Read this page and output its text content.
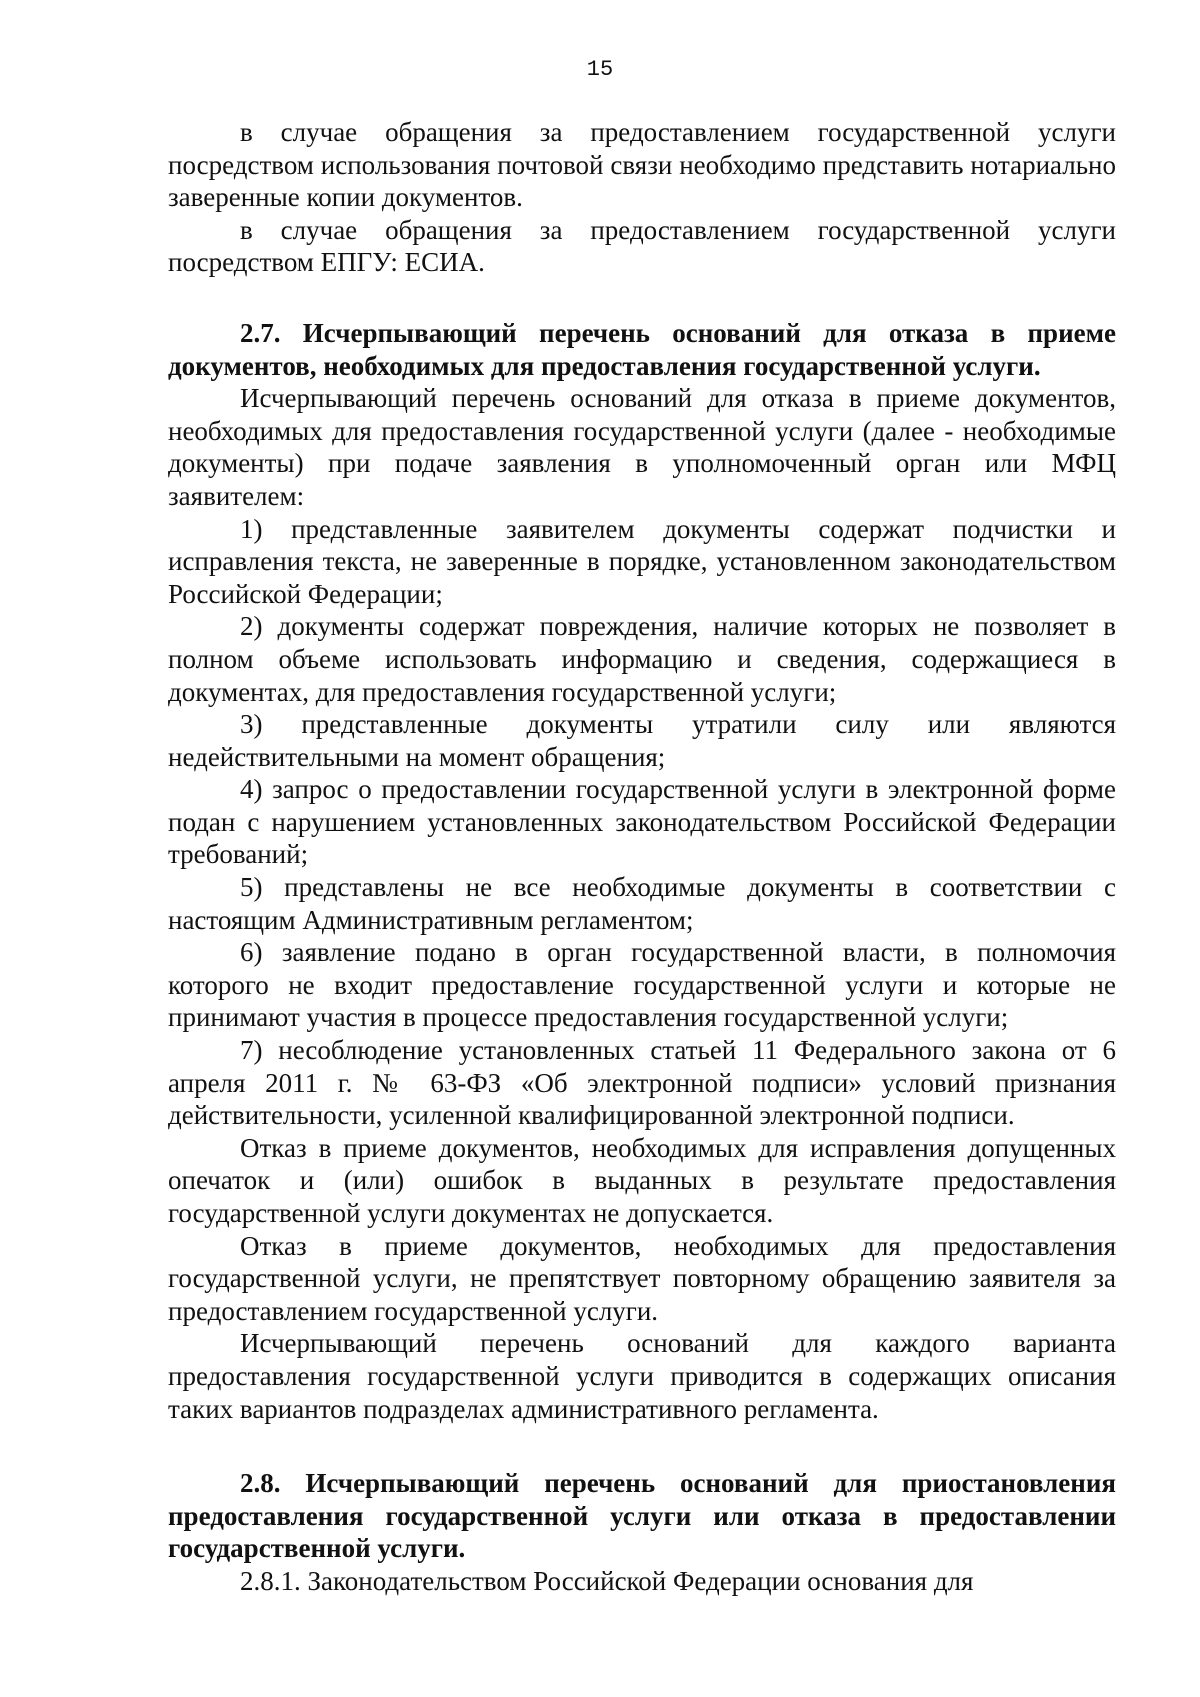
15

в случае обращения за предоставлением государственной услуги посредством использования почтовой связи необходимо представить нотариально заверенные копии документов.

в случае обращения за предоставлением государственной услуги посредством ЕПГУ: ЕСИА.

2.7. Исчерпывающий перечень оснований для отказа в приеме документов, необходимых для предоставления государственной услуги.

Исчерпывающий перечень оснований для отказа в приеме документов, необходимых для предоставления государственной услуги (далее - необходимые документы) при подаче заявления в уполномоченный орган или МФЦ заявителем:

1) представленные заявителем документы содержат подчистки и исправления текста, не заверенные в порядке, установленном законодательством Российской Федерации;

2) документы содержат повреждения, наличие которых не позволяет в полном объеме использовать информацию и сведения, содержащиеся в документах, для предоставления государственной услуги;

3) представленные документы утратили силу или являются недействительными на момент обращения;

4) запрос о предоставлении государственной услуги в электронной форме подан с нарушением установленных законодательством Российской Федерации требований;

5) представлены не все необходимые документы в соответствии с настоящим Административным регламентом;

6) заявление подано в орган государственной власти, в полномочия которого не входит предоставление государственной услуги и которые не принимают участия в процессе предоставления государственной услуги;

7) несоблюдение установленных статьей 11 Федерального закона от 6 апреля 2011 г. № 63-ФЗ «Об электронной подписи» условий признания действительности, усиленной квалифицированной электронной подписи.

Отказ в приеме документов, необходимых для исправления допущенных опечаток и (или) ошибок в выданных в результате предоставления государственной услуги документах не допускается.

Отказ в приеме документов, необходимых для предоставления государственной услуги, не препятствует повторному обращению заявителя за предоставлением государственной услуги.

Исчерпывающий перечень оснований для каждого варианта предоставления государственной услуги приводится в содержащих описания таких вариантов подразделах административного регламента.

2.8. Исчерпывающий перечень оснований для приостановления предоставления государственной услуги или отказа в предоставлении государственной услуги.

2.8.1. Законодательством Российской Федерации основания для
